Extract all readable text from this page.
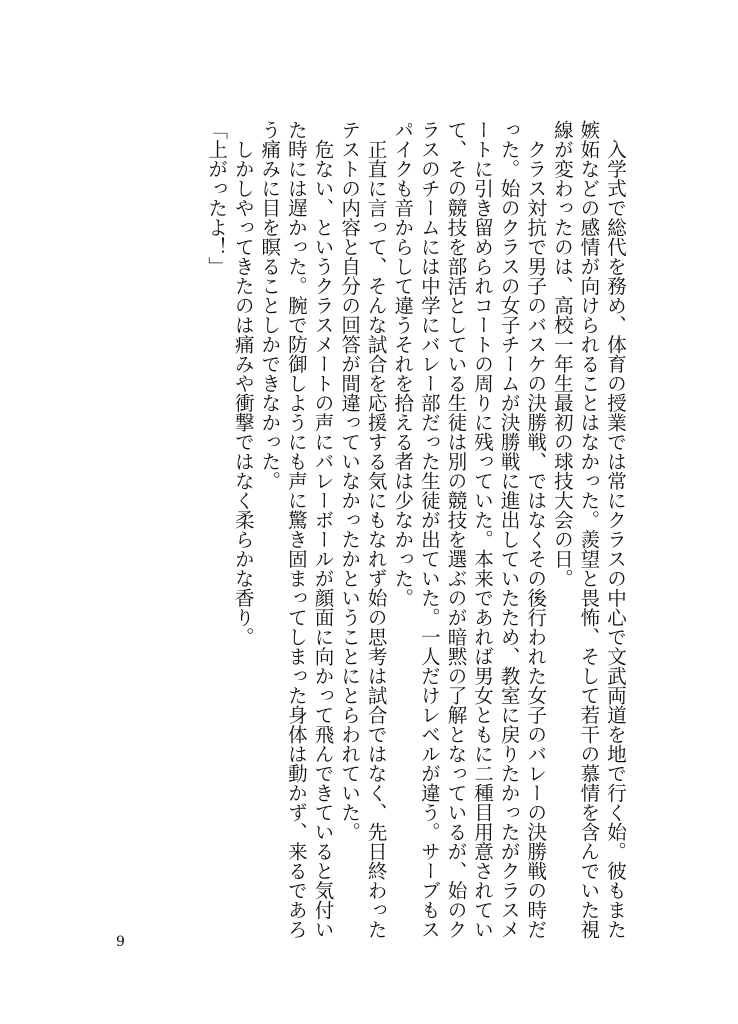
　入学式で総代を務め、体育の授業では常にクラスの中心で文武両道を地で行く始。彼もまた
嫉妬などの感情が向けられることはなかった。羨望と畏怖、そして若干の慕情を含んでいた視
線が変わったのは、高校一年生最初の球技大会の日。

　クラス対抗で男子のバスケの決勝戦、ではなくその後行われた女子のバレーの決勝戦の時だ
った。始のクラスの女子チームが決勝戦に進出していたため、教室に戻りたかったがクラスメ
ートに引き留められコートの周りに残っていた。本来であれば男女ともに二種目用意されてい
て、その競技を部活としている生徒は別の競技を選ぶのが暗黙の了解となっているが、始のク
ラスのチームには中学にバレー部だった生徒が出ていた。一人だけレベルが違う。サーブもス
パイクも音からして違うそれを拾える者は少なかった。

　正直に言って、そんな試合を応援する気にもなれず始の思考は試合ではなく、先日終わった
テストの内容と自分の回答が間違っていなかったかということにとらわれていた。

　危ない、というクラスメートの声にバレーボールが顔面に向かって飛んできていると気付い
た時には遅かった。腕で防御しようにも声に驚き固まってしまった身体は動かず、来るであろ
う痛みに目を瞑ることしかできなかった。

　しかしやってきたのは痛みや衝撃ではなく柔らかな香り。

「上がったよ！」

9
